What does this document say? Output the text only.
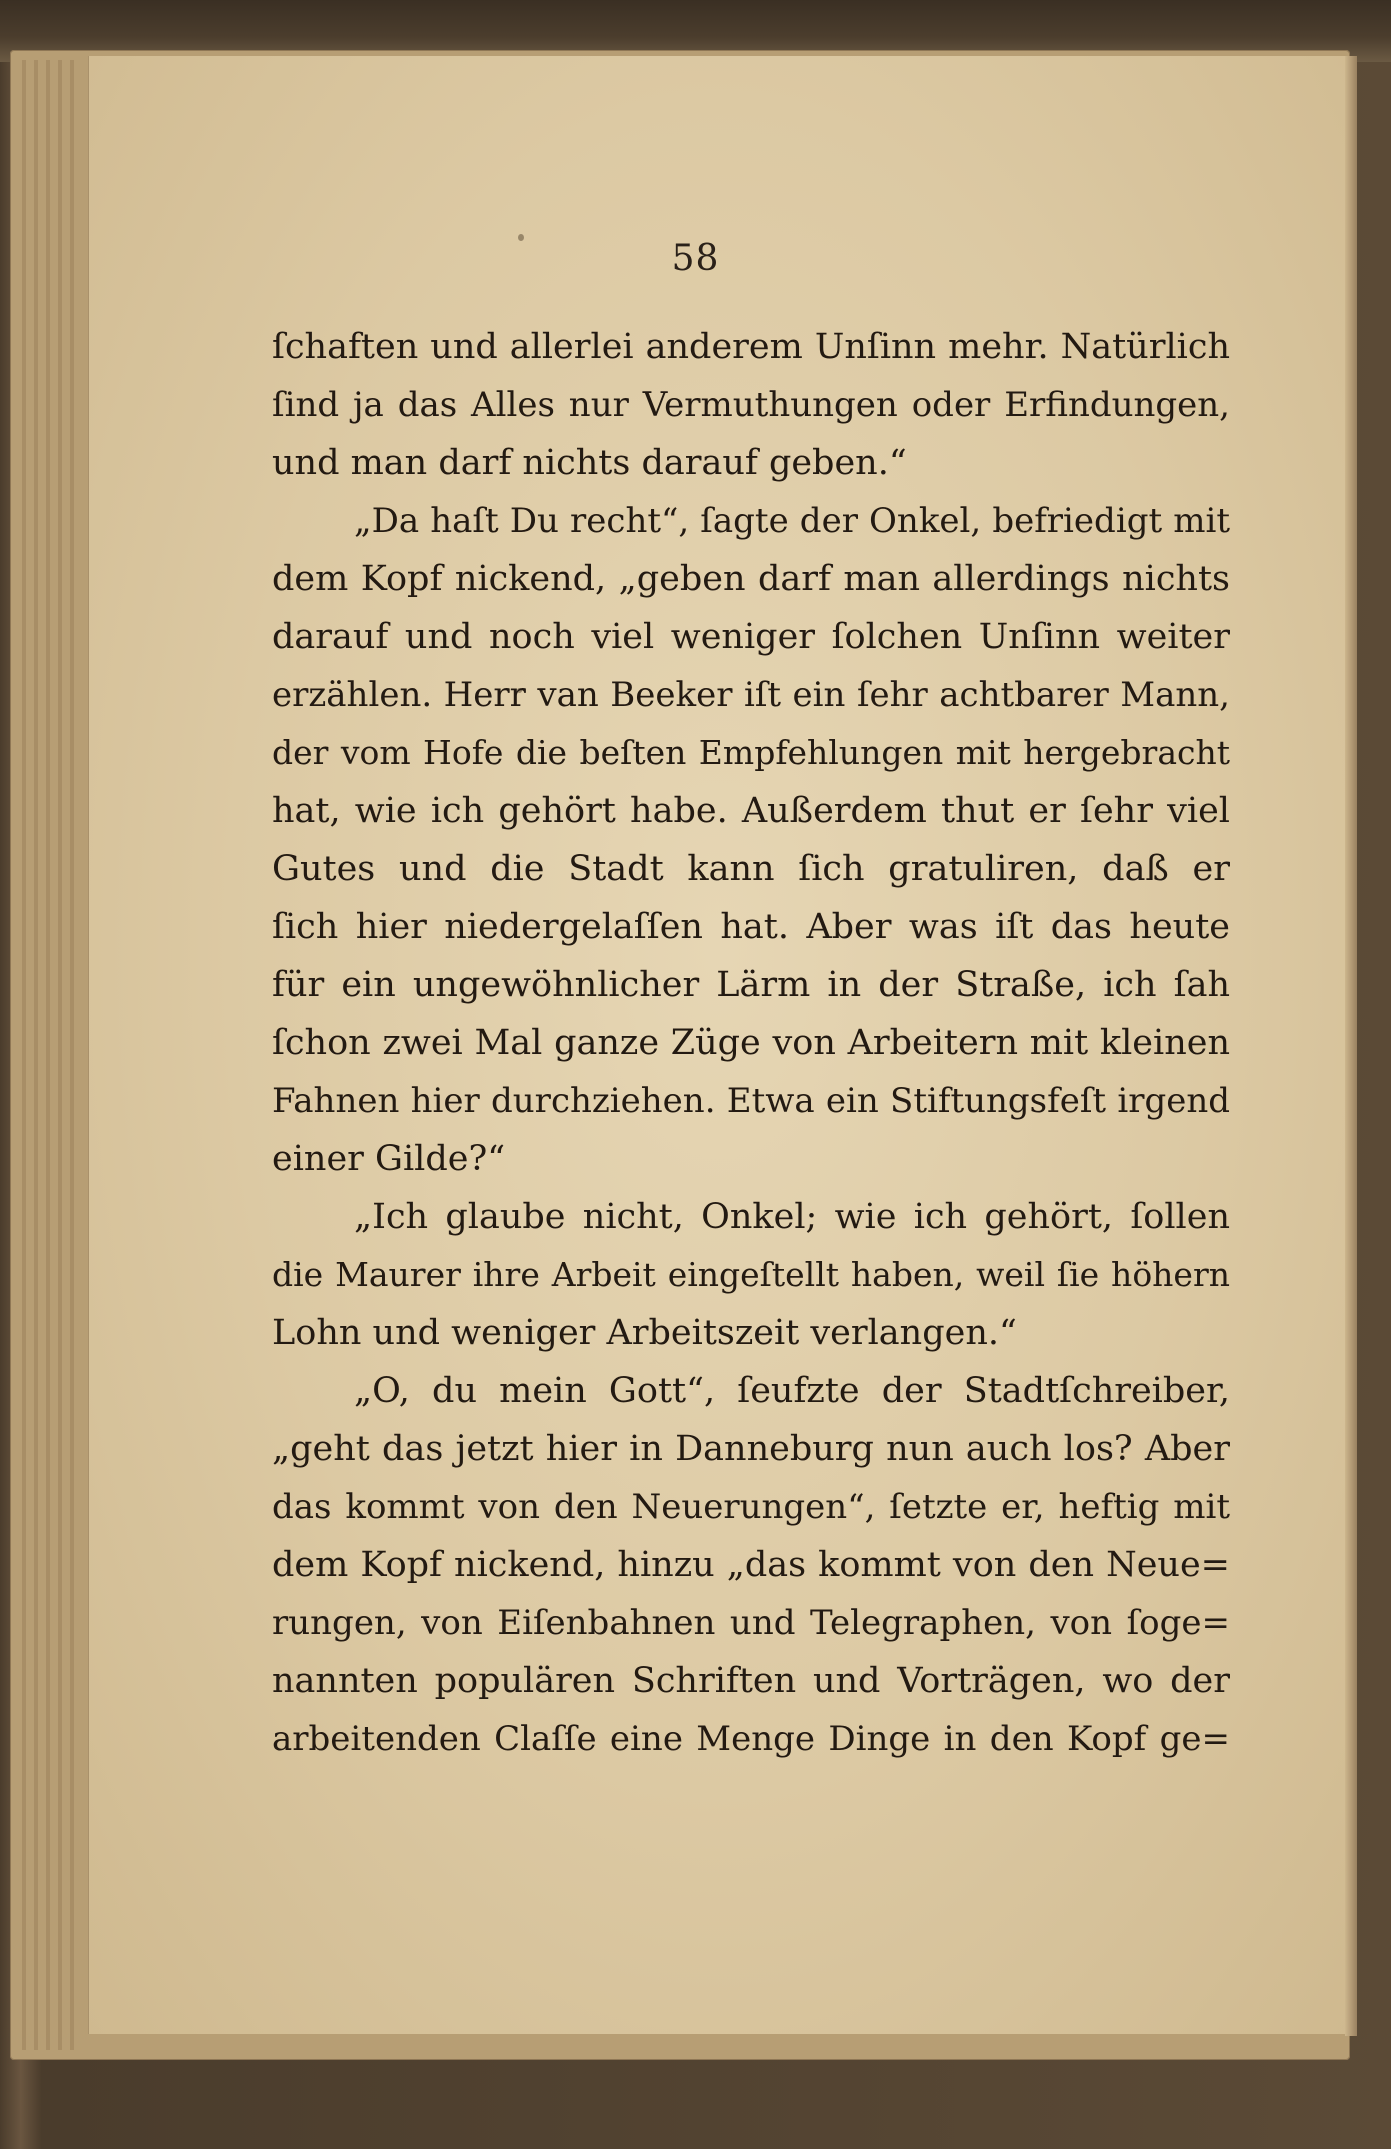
58
ſchaften und allerlei anderem Unſinn mehr. Natürlich
ſind ja das Alles nur Vermuthungen oder Erfindungen,
und man darf nichts darauf geben.“
„Da haſt Du recht“, ſagte der Onkel, befriedigt mit
dem Kopf nickend, „geben darf man allerdings nichts
darauf und noch viel weniger ſolchen Unſinn weiter
erzählen. Herr van Beeker iſt ein ſehr achtbarer Mann,
der vom Hofe die beſten Empfehlungen mit hergebracht
hat, wie ich gehört habe. Außerdem thut er ſehr viel
Gutes und die Stadt kann ſich gratuliren, daß er
ſich hier niedergelaſſen hat. Aber was iſt das heute
für ein ungewöhnlicher Lärm in der Straße, ich ſah
ſchon zwei Mal ganze Züge von Arbeitern mit kleinen
Fahnen hier durchziehen. Etwa ein Stiftungsfeſt irgend
einer Gilde?“
„Ich glaube nicht, Onkel; wie ich gehört, ſollen
die Maurer ihre Arbeit eingeſtellt haben, weil ſie höhern
Lohn und weniger Arbeitszeit verlangen.“
„O, du mein Gott“, ſeufzte der Stadtſchreiber,
„geht das jetzt hier in Danneburg nun auch los? Aber
das kommt von den Neuerungen“, ſetzte er, heftig mit
dem Kopf nickend, hinzu „das kommt von den Neue=
rungen, von Eiſenbahnen und Telegraphen, von ſoge=
nannten populären Schriften und Vorträgen, wo der
arbeitenden Claſſe eine Menge Dinge in den Kopf ge=
